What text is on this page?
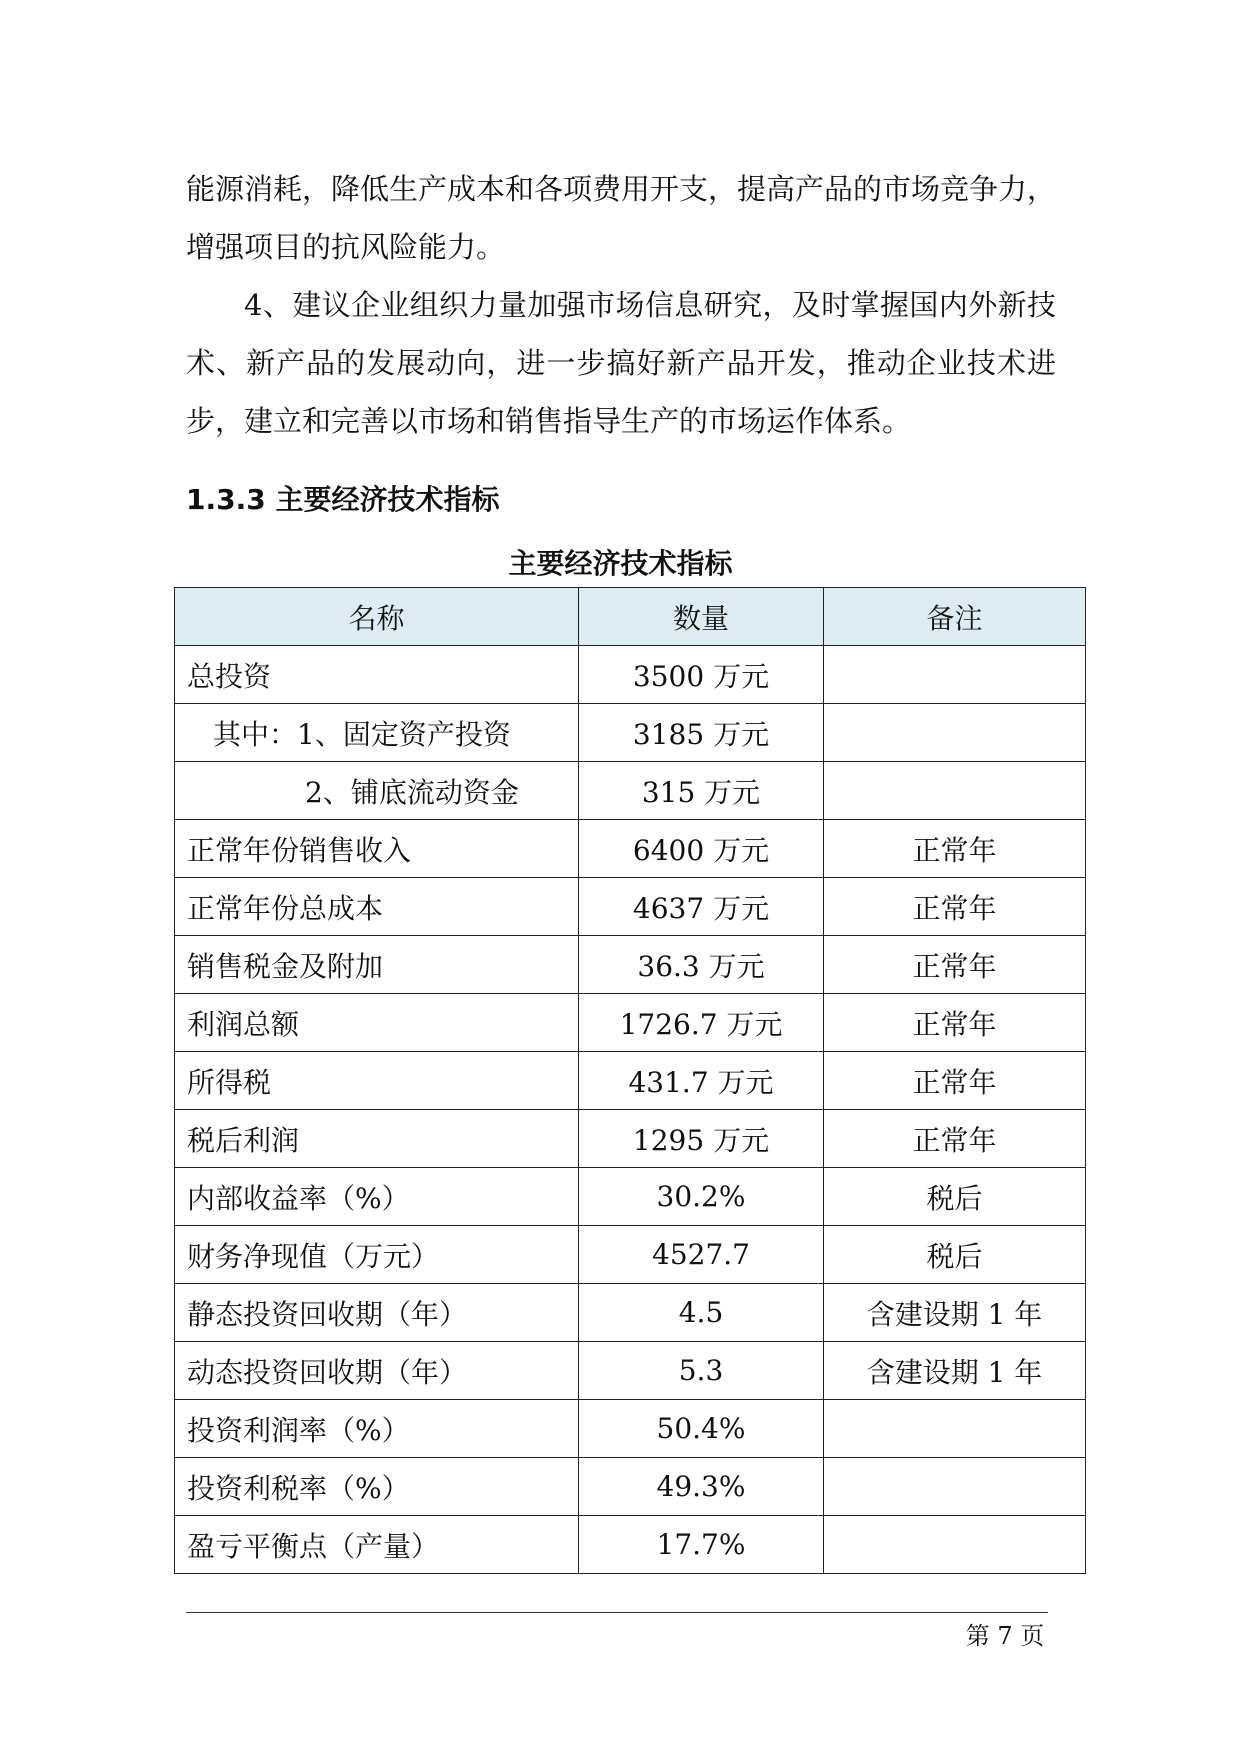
能源消耗，降低生产成本和各项费用开支，提高产品的市场竞争力，增强项目的抗风险能力。

4、建议企业组织力量加强市场信息研究，及时掌握国内外新技术、新产品的发展动向，进一步搞好新产品开发，推动企业技术进步，建立和完善以市场和销售指导生产的市场运作体系。

1.3.3 主要经济技术指标
主要经济技术指标
名称	数量	备注
总投资	3500 万元	
其中：1、固定资产投资	3185 万元	
2、铺底流动资金	315 万元	
正常年份销售收入	6400 万元	正常年
正常年份总成本	4637 万元	正常年
销售税金及附加	36.3 万元	正常年
利润总额	1726.7 万元	正常年
所得税	431.7 万元	正常年
税后利润	1295 万元	正常年
内部收益率（%）	30.2%	税后
财务净现值（万元）	4527.7	税后
静态投资回收期（年）	4.5	含建设期 1 年
动态投资回收期（年）	5.3	含建设期 1 年
投资利润率（%）	50.4%	
投资利税率（%）	49.3%	
盈亏平衡点（产量）	17.7%	

第 7 页
